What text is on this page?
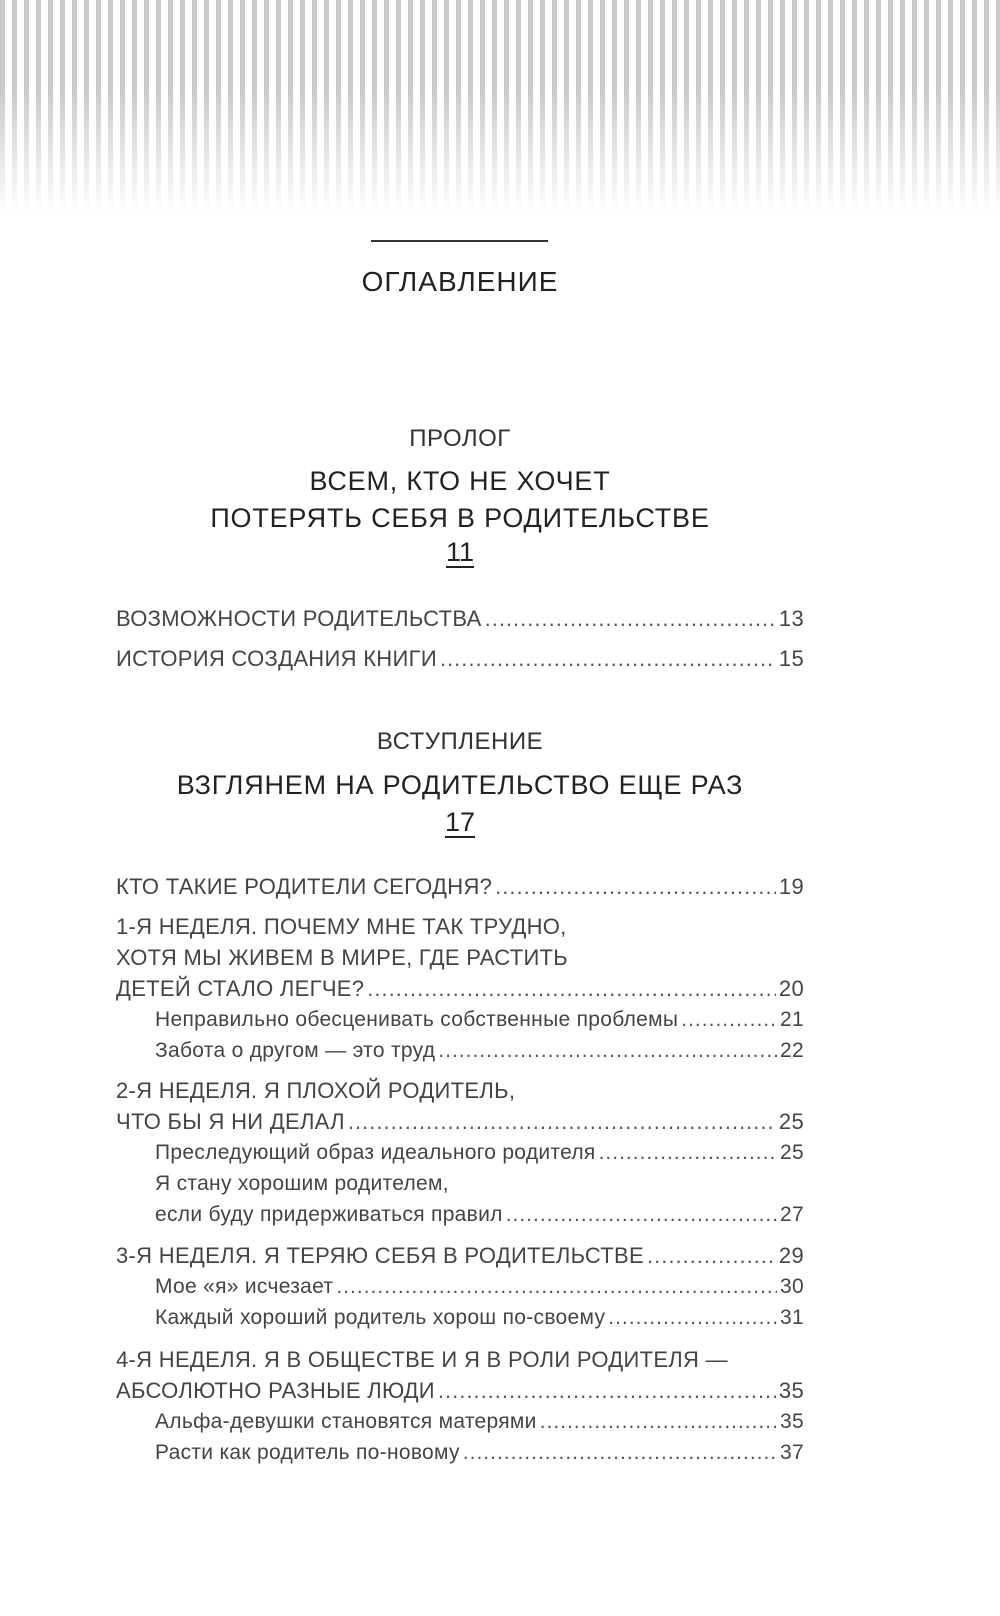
ОГЛАВЛЕНИЕ
ПРОЛОГ
ВСЕМ, КТО НЕ ХОЧЕТ
ПОТЕРЯТЬ СЕБЯ В РОДИТЕЛЬСТВЕ
11
ВОЗМОЖНОСТИ РОДИТЕЛЬСТВА .....	13
ИСТОРИЯ СОЗДАНИЯ КНИГИ .....	15
ВСТУПЛЕНИЕ
ВЗГЛЯНЕМ НА РОДИТЕЛЬСТВО ЕЩЕ РАЗ
17
КТО ТАКИЕ РОДИТЕЛИ СЕГОДНЯ? .....	19
1-Я НЕДЕЛЯ. ПОЧЕМУ МНЕ ТАК ТРУДНО,
ХОТЯ МЫ ЖИВЕМ В МИРЕ, ГДЕ РАСТИТЬ
ДЕТЕЙ СТАЛО ЛЕГЧЕ? .....	20
Неправильно обесценивать собственные проблемы .....	21
Забота о другом — это труд .....	22
2-Я НЕДЕЛЯ. Я ПЛОХОЙ РОДИТЕЛЬ,
ЧТО БЫ Я НИ ДЕЛАЛ .....	25
Преследующий образ идеального родителя .....	25
Я стану хорошим родителем,
если буду придерживаться правил .....	27
3-Я НЕДЕЛЯ. Я ТЕРЯЮ СЕБЯ В РОДИТЕЛЬСТВЕ .....	29
Мое «я» исчезает .....	30
Каждый хороший родитель хорош по-своему .....	31
4-Я НЕДЕЛЯ. Я В ОБЩЕСТВЕ И Я В РОЛИ РОДИТЕЛЯ —
АБСОЛЮТНО РАЗНЫЕ ЛЮДИ .....	35
Альфа-девушки становятся матерями .....	35
Расти как родитель по-новому .....	37
